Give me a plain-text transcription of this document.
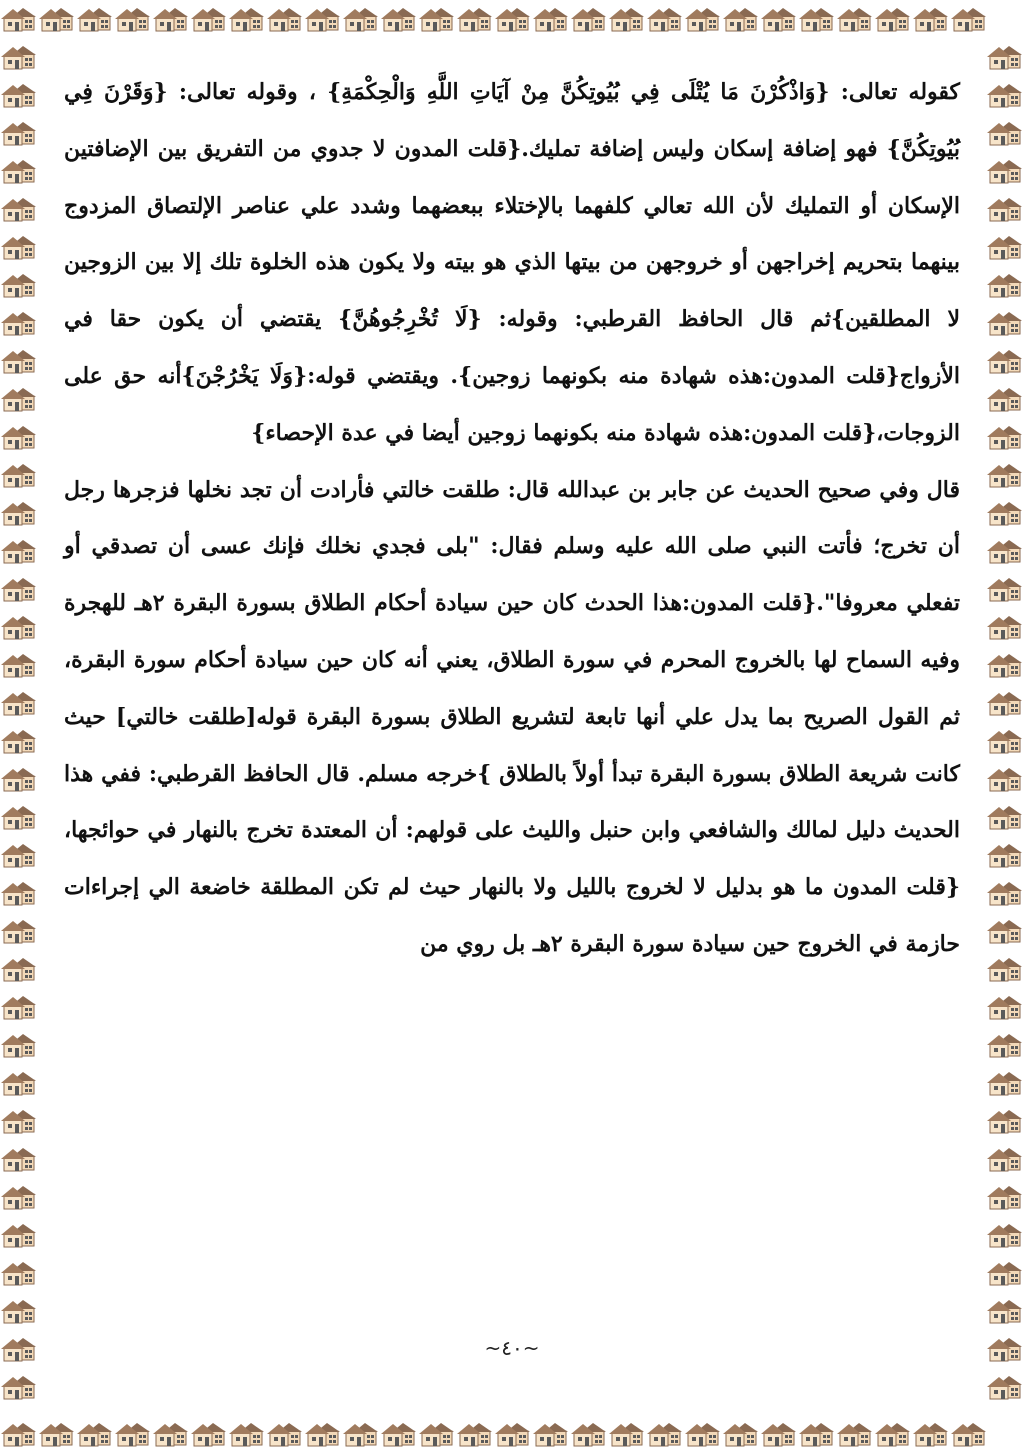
كقوله تعالى: {وَاذْكُرْنَ مَا يُتْلَى فِي بُيُوتِكُنَّ مِنْ آيَاتِ اللَّهِ وَالْحِكْمَةِ} ، وقوله تعالى: {وَقَرْنَ فِي بُيُوتِكُنَّ} فهو إضافة إسكان وليس إضافة تمليك.{قلت المدون لا جدوي من التفريق بين الإضافتين الإسكان أو التمليك لأن الله تعالي كلفهما بالإختلاء ببعضهما وشدد علي عناصر الإلتصاق المزدوج بينهما بتحريم إخراجهن أو خروجهن من بيتها الذي هو بيته ولا يكون هذه الخلوة تلك إلا بين الزوجين لا المطلقين}ثم قال الحافظ القرطبي: وقوله: {لَا تُخْرِجُوهُنَّ} يقتضي أن يكون حقا في الأزواج{قلت المدون:هذه شهادة منه بكونهما زوجين}. ويقتضي قوله:{وَلَا يَخْرُجْنَ}أنه حق على الزوجات،{قلت المدون:هذه شهادة منه بكونهما زوجين أيضا في عدة الإحصاء}

قال وفي صحيح الحديث عن جابر بن عبدالله قال: طلقت خالتي فأرادت أن تجد نخلها فزجرها رجل أن تخرج؛ فأتت النبي صلى الله عليه وسلم فقال: "بلى فجدي نخلك فإنك عسى أن تصدقي أو تفعلي معروفا".{قلت المدون:هذا الحدث كان حين سيادة أحكام الطلاق بسورة البقرة ٢هـ للهجرة وفيه السماح لها بالخروج المحرم في سورة الطلاق، يعني أنه كان حين سيادة أحكام سورة البقرة، ثم القول الصريح بما يدل علي أنها تابعة لتشريع الطلاق بسورة البقرة قوله[طلقت خالتي] حيث كانت شريعة الطلاق بسورة البقرة تبدأ أولاً بالطلاق }خرجه مسلم. قال الحافظ القرطبي: ففي هذا الحديث دليل لمالك والشافعي وابن حنبل والليث على قولهم: أن المعتدة تخرج بالنهار في حوائجها،{قلت المدون ما هو بدليل لا لخروج بالليل ولا بالنهار حيث لم تكن المطلقة خاضعة الي إجراءات حازمة في الخروج حين سيادة سورة البقرة ٢هـ بل روي من

~٤٠~
